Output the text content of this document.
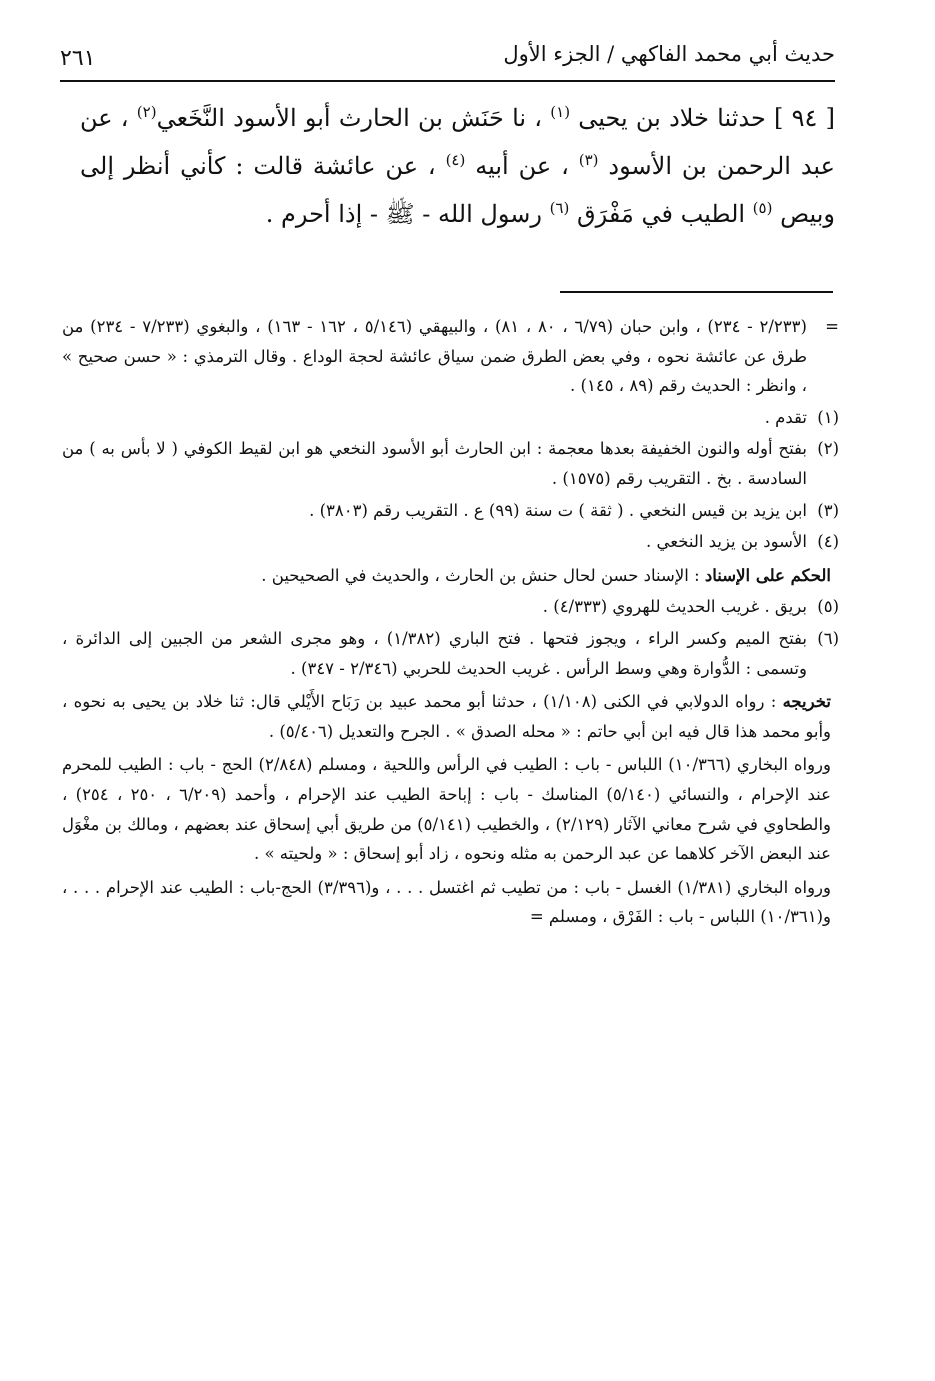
حديث أبي محمد الفاكهي / الجزء الأول
٢٦١

[ ٩٤ ] حدثنا خلاد بن يحيى $^{(١)}$ ، نا حَنَش بن الحارث أبو الأسود النَّخَعي$^{(٢)}$ ، عن عبد الرحمن بن الأسود $^{(٣)}$ ، عن أبيه $^{(٤)}$ ، عن عائشة قالت : كأني أنظر إلى وبيص $^{(٥)}$ الطيب في مَفْرَق $^{(٦)}$ رسول الله - ﷺ - إذا أحرم .

=
(٢/٢٣٣ - ٢٣٤) ، وابن حبان (٦/٧٩ ، ٨٠ ، ٨١) ، والبيهقي (٥/١٤٦ ، ١٦٢ - ١٦٣) ، والبغوي (٧/٢٣٣ - ٢٣٤) من طرق عن عائشة نحوه ، وفي بعض الطرق ضمن سياق عائشة لحجة الوداع . وقال الترمذي : « حسن صحيح » ، وانظر : الحديث رقم (٨٩ ، ١٤٥) .

(١)
تقدم .

(٢)
بفتح أوله والنون الخفيفة بعدها معجمة : ابن الحارث أبو الأسود النخعي هو ابن لقيط الكوفي ( لا بأس به ) من السادسة . بخ . التقريب رقم (١٥٧٥) .

(٣)
ابن يزيد بن قيس النخعي . ( ثقة ) ت سنة (٩٩) ع . التقريب رقم (٣٨٠٣) .

(٤)
الأسود بن يزيد النخعي .

الحكم على الإسناد : الإسناد حسن لحال حنش بن الحارث ، والحديث في الصحيحين .

(٥)
بريق . غريب الحديث للهروي (٤/٣٣٣) .

(٦)
بفتح الميم وكسر الراء ، ويجوز فتحها . فتح الباري (١/٣٨٢) ، وهو مجرى الشعر من الجبين إلى الدائرة ، وتسمى : الدُّوارة وهي وسط الرأس . غريب الحديث للحربي (٢/٣٤٦ - ٣٤٧) .

تخريجه : رواه الدولابي في الكنى (١/١٠٨) ، حدثنا أبو محمد عبيد بن رَبَاح الأَيْلي قال: ثنا خلاد بن يحيى به نحوه ، وأبو محمد هذا قال فيه ابن أبي حاتم : « محله الصدق » . الجرح والتعديل (٥/٤٠٦) .

ورواه البخاري (١٠/٣٦٦) اللباس - باب : الطيب في الرأس واللحية ، ومسلم (٢/٨٤٨) الحج - باب : الطيب للمحرم عند الإحرام ، والنسائي (٥/١٤٠) المناسك - باب : إباحة الطيب عند الإحرام ، وأحمد (٦/٢٠٩ ، ٢٥٠ ، ٢٥٤) ، والطحاوي في شرح معاني الآثار (٢/١٢٩) ، والخطيب (٥/١٤١) من طريق أبي إسحاق عند بعضهم ، ومالك بن مغْوَل عند البعض الآخر كلاهما عن عبد الرحمن به مثله ونحوه ، زاد أبو إسحاق : « ولحيته » .

ورواه البخاري (١/٣٨١) الغسل - باب : من تطيب ثم اغتسل . . . ، و(٣/٣٩٦) الحج-باب : الطيب عند الإحرام . . . ، و(١٠/٣٦١) اللباس - باب : الفَرْق ، ومسلم =
